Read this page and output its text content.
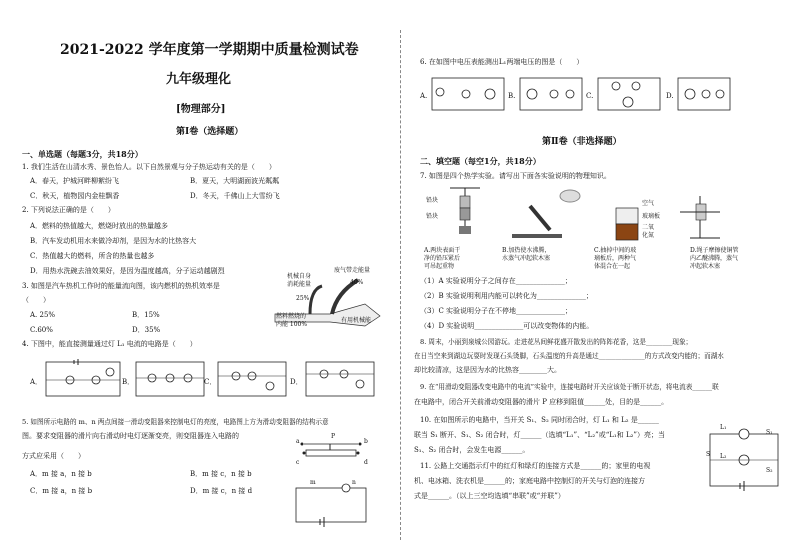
2021-2022 学年度第一学期期中质量检测试卷
九年级理化
[物理部分]
第Ⅰ卷（选择题）
一、单选题（每题3分，共18分）
1. 我们生活在山清水秀、景色怡人。以下自然景观与分子热运动有关的是（　　）
A．春天，护城河畔柳絮纷飞	B．夏天，大明湖面波光粼粼
C．秋天，植物园内金桂飘香	D．冬天，千佛山上大雪纷飞
2. 下列说法正确的是（　　）
A．燃料的热值越大，燃烧时放出的热量越多
B．汽车发动机用水来做冷却剂，是因为水的比热容大
C．热值越大的燃料，所含的热量也越多
D．用热水洗碗去油效果好，是因为温度越高，分子运动越剧烈
3. 如图是汽车热机工作时的能量流向图，该内燃机的热机效率是
（　　）
A. 25%	B．15%
C.60%	D．35%
机械自身
消耗能量
25%
废气带走能量
40%
燃料燃烧的
内能 100%
有用机械能
4. 下图中，能直接测量通过灯 L₁ 电流的电路是（　　）
A．	B．	C．	D．
5. 如图所示电路的 m、n 两点间接一滑动变阻器来控制电灯的亮度，电路图上方为滑动变阻器的结构示意
图。要求变阻器的滑片向右滑动时电灯逐渐变亮，则变阻器连入电路的
方式应采用（　　）
A．m 接 a，n 接 b	B．m 接 c，n 接 b
C．m 接 a，n 接 b	D．m 接 c，n 接 d
a	b
c	d
P
m	n
6. 在如图中电压表能测出L₁两端电压的图是（　　）
A.	B.	C.	D.
第Ⅱ卷（非选择题）
二、填空题（每空1分，共18分）
7. 如图是四个热学实验。请写出下面各实验说明的物理知识。
铅块
铅块
A.两块表面干
净的铅压紧后
可吊起重物
B.加热使水沸腾，
水蒸气冲起软木塞
空气
玻璃板
二氧
化氮
C.抽掉中间的玻
璃板后，两种气
体混合在一起
D.绳子摩擦使铜管
内乙醚沸腾，蒸气
冲起软木塞
（1）A 实验说明分子之间存在______________；
（2）B 实验说明利用内能可以转化为______________；
（3）C 实验说明分子在不停地______________；
（4）D 实验说明______________可以改变物体的内能。
8. 周末，小丽到泉城公园游玩。走进花丛间鲜花盛开散发出的阵阵花香，这是________现象；
在日当空来到湖边玩耍时发现石头烫脚，石头温度的升高是通过______________的方式改变内能的；而湖水
却比较清凉，这是因为水的比热容________大。
9. 在“用滑动变阻器改变电路中的电流”实验中，连接电路时开关应该处于断开状态，将电流表______联
在电路中，闭合开关前滑动变阻器的滑片 P 应移到阻值______处，目的是______。
10. 在如图所示的电路中，当开关 S₁、S₂ 同时闭合时，灯 L₁ 和 L₂ 是______
联当 S₁ 断开、S₁、S₂ 闭合时，灯______（选填“L₁”、“L₂”或“L₁和 L₂”）亮；当
S₁、S₂ 闭合时，会发生电源______。
11. 公路上交通指示灯中的红灯和绿灯的连接方式是______的；家里的电视
机、电冰箱、洗衣机是______的；家庭电路中控制灯的开关与灯泡的连接方
式是______。（以上三空均选填“串联”或“并联”）
L₁
L₂
S₁
S₂
S
